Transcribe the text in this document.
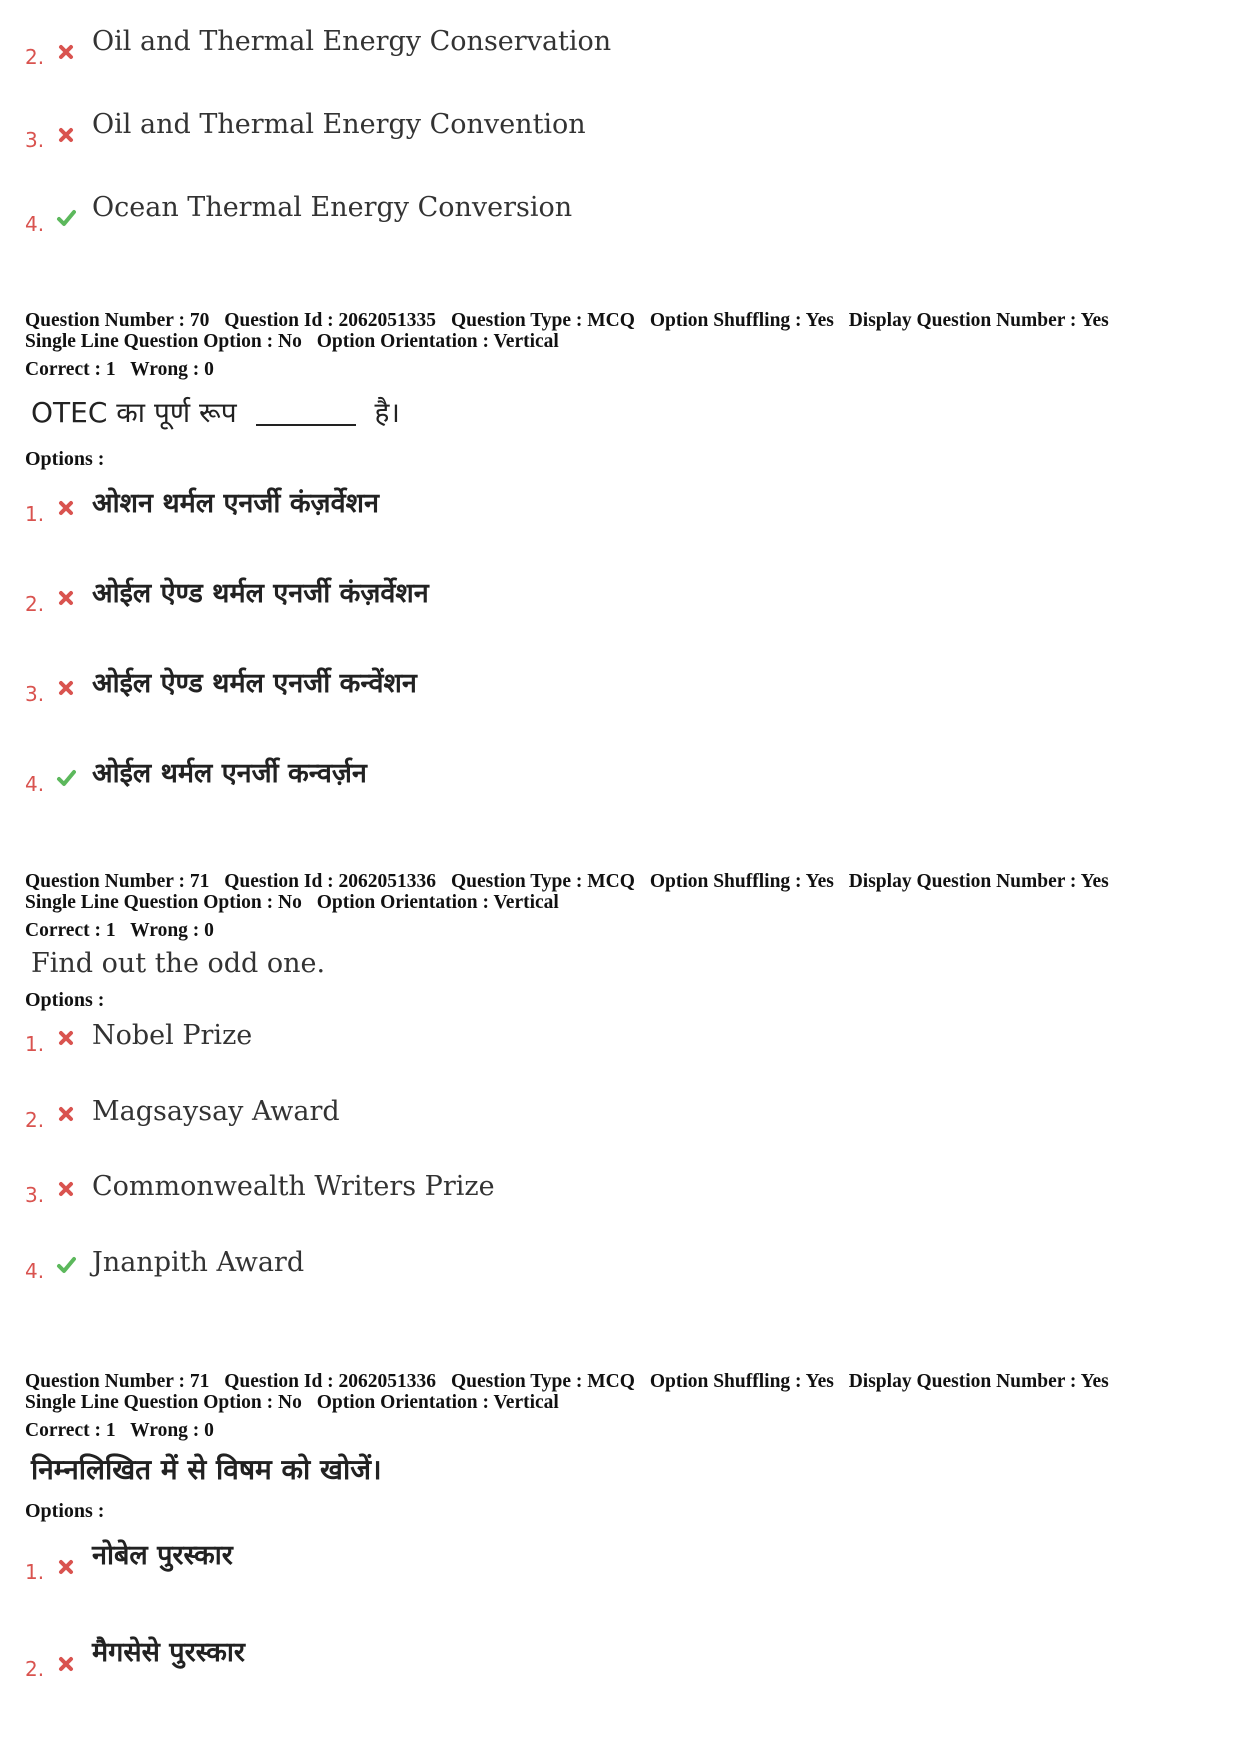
2. Oil and Thermal Energy Conservation
3. Oil and Thermal Energy Convention
4.
Ocean Thermal Energy Conversion
Question Number : 70 Question Id : 2062051335 Question Type : MCQ Option Shuffling : Yes Display Question Number : Yes
Single Line Question Option : No Option Orientation : Vertical
Correct : 1 Wrong : 0
OTEC का पूर्ण रूप	है।
Options :
1. ओशन थर्मल एनर्जी कंज़र्वेशन
2. ओईल ऐण्ड थर्मल एनर्जी कंज़र्वेशन
3. ओईल ऐण्ड थर्मल एनर्जी कन्वेंशन
4. ओईल थर्मल एनर्जी कन्वर्ज़न
Question Number : 71 Question Id : 2062051336 Question Type : MCQ Option Shuffling : Yes Display Question Number : Yes
Single Line Question Option : No Option Orientation : Vertical
Correct : 1 Wrong : 0
Find out the odd one.
Options :
1. Nobel Prize
2. Magsaysay Award
3. Commonwealth Writers Prize
4. Jnanpith Award
Question Number : 71 Question Id : 2062051336 Question Type : MCQ Option Shuffling : Yes Display Question Number : Yes
Single Line Question Option : No Option Orientation : Vertical
Correct : 1 Wrong : 0
निम्नलिखित में से विषम को खोजें।
Options :
1.
नोबेल पुरस्कार
2.
मैगसेसे पुरस्कार
